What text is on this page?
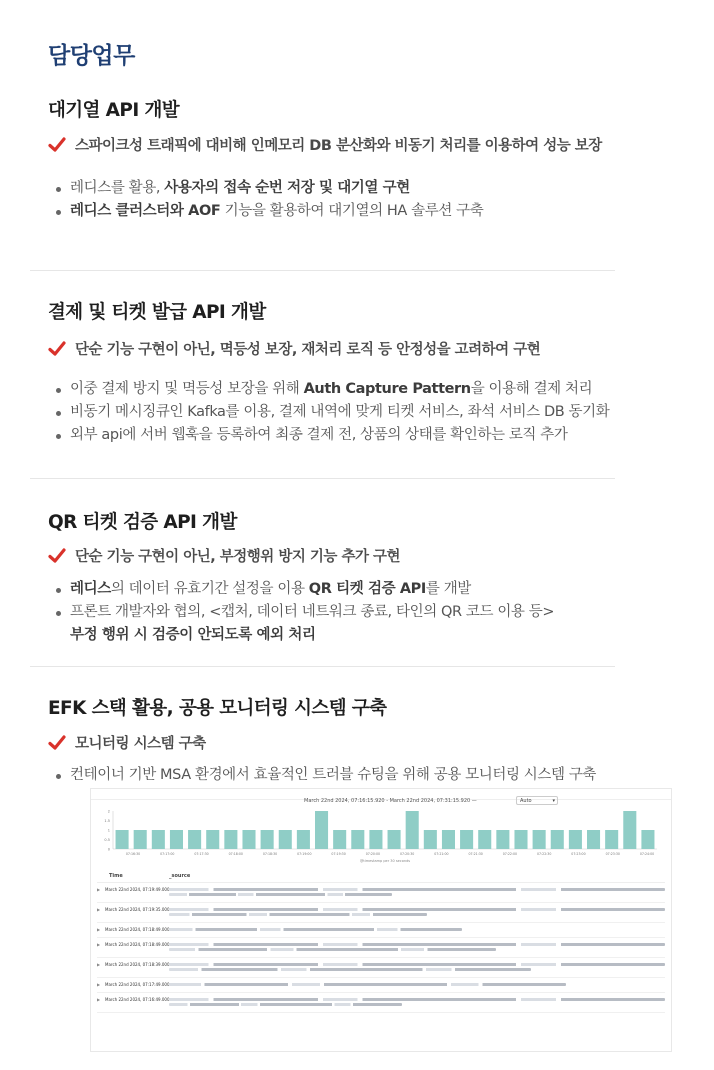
담당업무
대기열 API 개발
스파이크성 트래픽에 대비해 인메모리 DB 분산화와 비동기 처리를 이용하여 성능 보장
레디스를 활용, 사용자의 접속 순번 저장 및 대기열 구현
레디스 클러스터와 AOF 기능을 활용하여 대기열의 HA 솔루션 구축
결제 및 티켓 발급 API 개발
단순 기능 구현이 아닌, 멱등성 보장, 재처리 로직 등 안정성을 고려하여 구현
이중 결제 방지 및 멱등성 보장을 위해 Auth Capture Pattern을 이용해 결제 처리
비동기 메시징큐인 Kafka를 이용, 결제 내역에 맞게 티켓 서비스, 좌석 서비스 DB 동기화
외부 api에 서버 웹훅을 등록하여 최종 결제 전, 상품의 상태를 확인하는 로직 추가
QR 티켓 검증 API 개발
단순 기능 구현이 아닌, 부정행위 방지 기능 추가 구현
레디스의 데이터 유효기간 설정을 이용 QR 티켓 검증 API를 개발
프론트 개발자와 협의, <캡처, 데이터 네트워크 종료, 타인의 QR 코드 이용 등>
부정 행위 시 검증이 안되도록 예외 처리
EFK 스택 활용, 공용 모니터링 시스템 구축
모니터링 시스템 구축
컨테이너 기반 MSA 환경에서 효율적인 트러블 슈팅을 위해 공용 모니터링 시스템 구축
March 22nd 2024, 07:16:15.920 - March 22nd 2024, 07:31:15.920 —	Auto ▾
0
0.5
1
1.5
2
07:16:30	07:17:00	07:17:30	07:18:00	07:18:30	07:19:00	07:19:30	07:20:00	07:20:30	07:21:00	07:21:30	07:22:00	07:22:30	07:23:00	07:23:30	07:24:00
@timestamp per 30 seconds
Time	_source
▶	March 22nd 2024, 07:19:49.000
▶	March 22nd 2024, 07:19:35.000
▶	March 22nd 2024, 07:18:49.000
▶	March 22nd 2024, 07:18:49.000
▶	March 22nd 2024, 07:18:39.000
▶	March 22nd 2024, 07:17:49.000
▶	March 22nd 2024, 07:16:49.000
